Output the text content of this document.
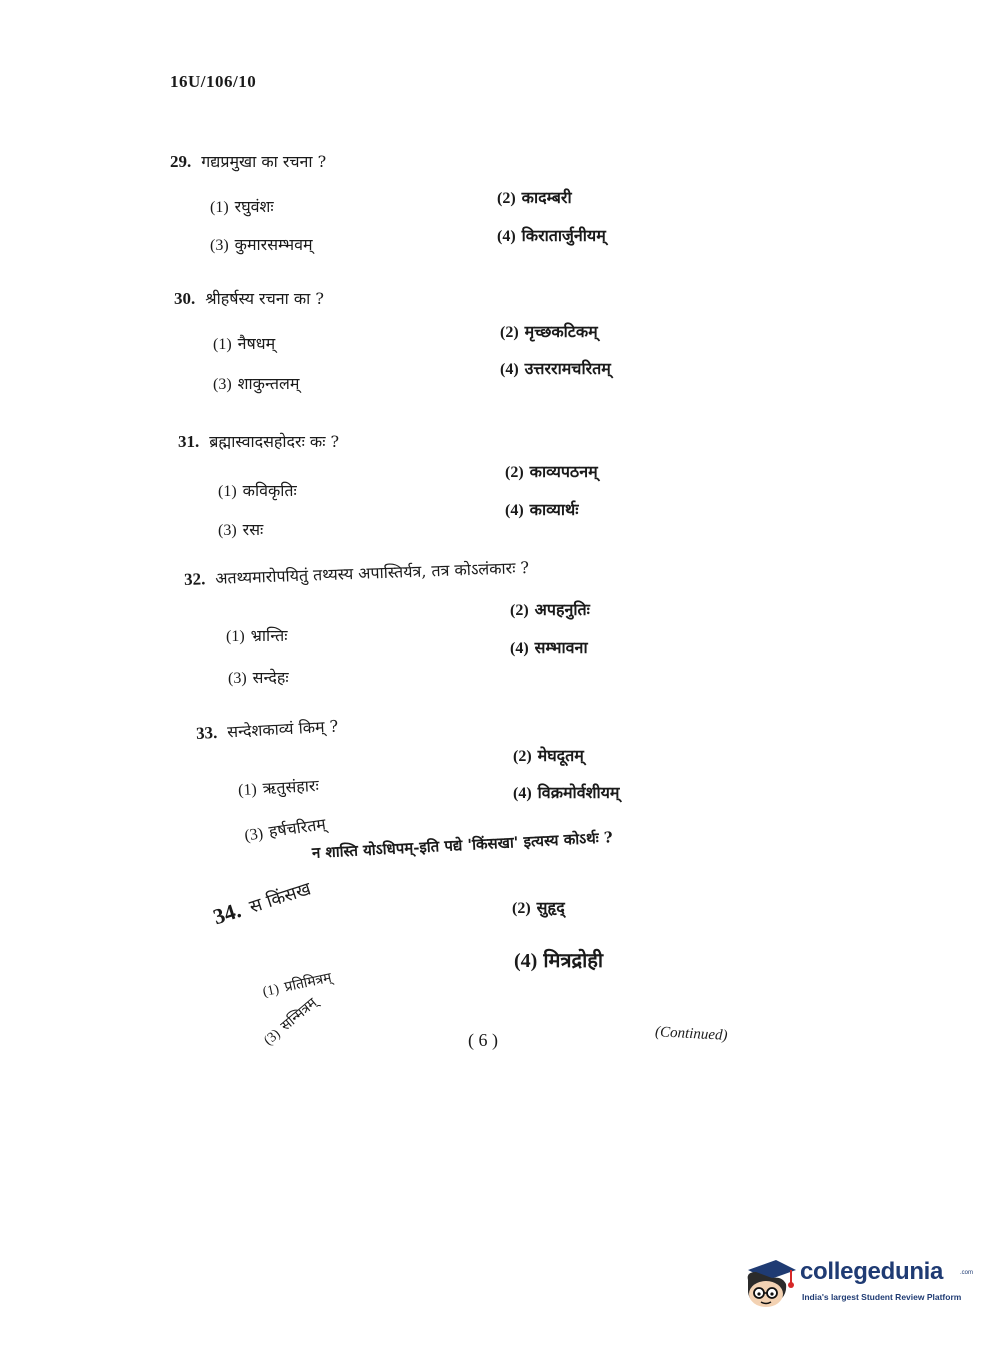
16U/106/10
29. गद्यप्रमुखा का रचना ?
(1) रघुवंशः	(2) कादम्बरी
(3) कुमारसम्भवम्	(4) किरातार्जुनीयम्
30. श्रीहर्षस्य रचना का ?
(1) नैषधम्
(2) मृच्छकटिकम्
(3) शाकुन्तलम्
(4) उत्तररामचरितम्
31. ब्रह्मास्वादसहोदरः कः ?
(1) कविकृतिः
(2) काव्यपठनम्
(3) रसः
(4) काव्यार्थः
32. अतथ्यमारोपयितुं तथ्यस्य अपास्तिर्यत्र, तत्र कोऽलंकारः ?
(1) भ्रान्तिः
(2) अपहनुतिः
(3) सन्देहः
(4) सम्भावना
33. सन्देशकाव्यं किम् ?
(1) ऋतुसंहारः
(2) मेघदूतम्
(3) हर्षचरितम्
(4) विक्रमोर्वशीयम्
न शास्ति योऽधिपम्-इति पद्ये 'किंसखा' इत्यस्य कोऽर्थः ?
34. स किंसख
(1) प्रतिमित्रम्
(2) सुहृद्
(3)सन्मित्रम्
(4) मित्रद्रोही
( 6 )	(Continued)
collegedunia	.com
India's largest Student Review Platform
